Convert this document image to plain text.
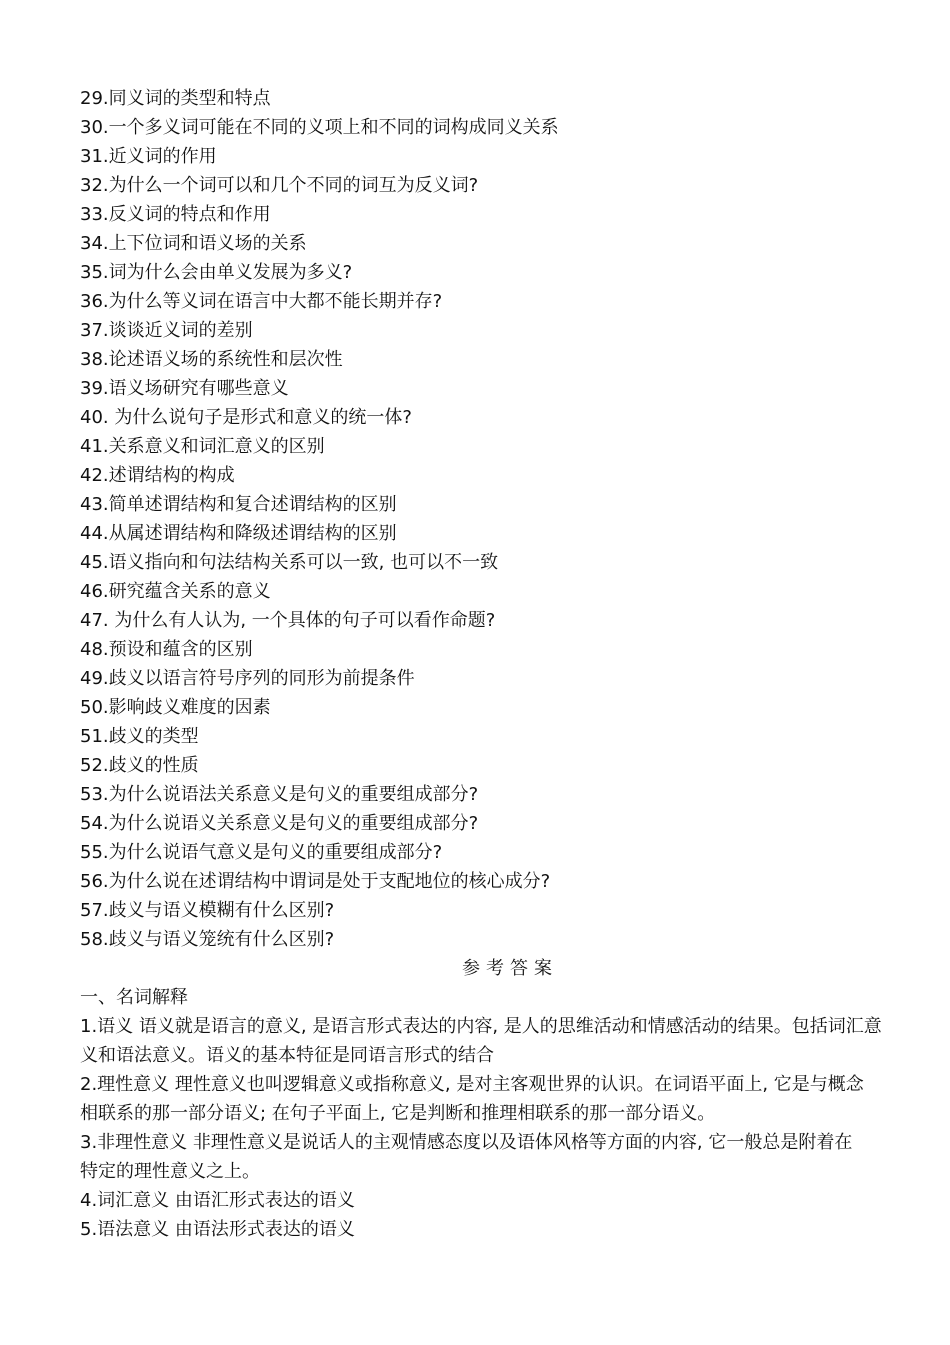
29.同义词的类型和特点
30.一个多义词可能在不同的义项上和不同的词构成同义关系
31.近义词的作用
32.为什么一个词可以和几个不同的词互为反义词?
33.反义词的特点和作用
34.上下位词和语义场的关系
35.词为什么会由单义发展为多义?
36.为什么等义词在语言中大都不能长期并存?
37.谈谈近义词的差别
38.论述语义场的系统性和层次性
39.语义场研究有哪些意义
40. 为什么说句子是形式和意义的统一体?
41.关系意义和词汇意义的区别
42.述谓结构的构成
43.简单述谓结构和复合述谓结构的区别
44.从属述谓结构和降级述谓结构的区别
45.语义指向和句法结构关系可以一致, 也可以不一致
46.研究蕴含关系的意义
47. 为什么有人认为, 一个具体的句子可以看作命题?
48.预设和蕴含的区别
49.歧义以语言符号序列的同形为前提条件
50.影响歧义难度的因素
51.歧义的类型
52.歧义的性质
53.为什么说语法关系意义是句义的重要组成部分?
54.为什么说语义关系意义是句义的重要组成部分?
55.为什么说语气意义是句义的重要组成部分?
56.为什么说在述谓结构中谓词是处于支配地位的核心成分?
57.歧义与语义模糊有什么区别?
58.歧义与语义笼统有什么区别?
参考答案
一、名词解释
1.语义 语义就是语言的意义, 是语言形式表达的内容, 是人的思维活动和情感活动的结果。包括词汇意
义和语法意义。语义的基本特征是同语言形式的结合
2.理性意义 理性意义也叫逻辑意义或指称意义, 是对主客观世界的认识。在词语平面上, 它是与概念
相联系的那一部分语义; 在句子平面上, 它是判断和推理相联系的那一部分语义。
3.非理性意义 非理性意义是说话人的主观情感态度以及语体风格等方面的内容, 它一般总是附着在
特定的理性意义之上。
4.词汇意义 由语汇形式表达的语义
5.语法意义 由语法形式表达的语义
